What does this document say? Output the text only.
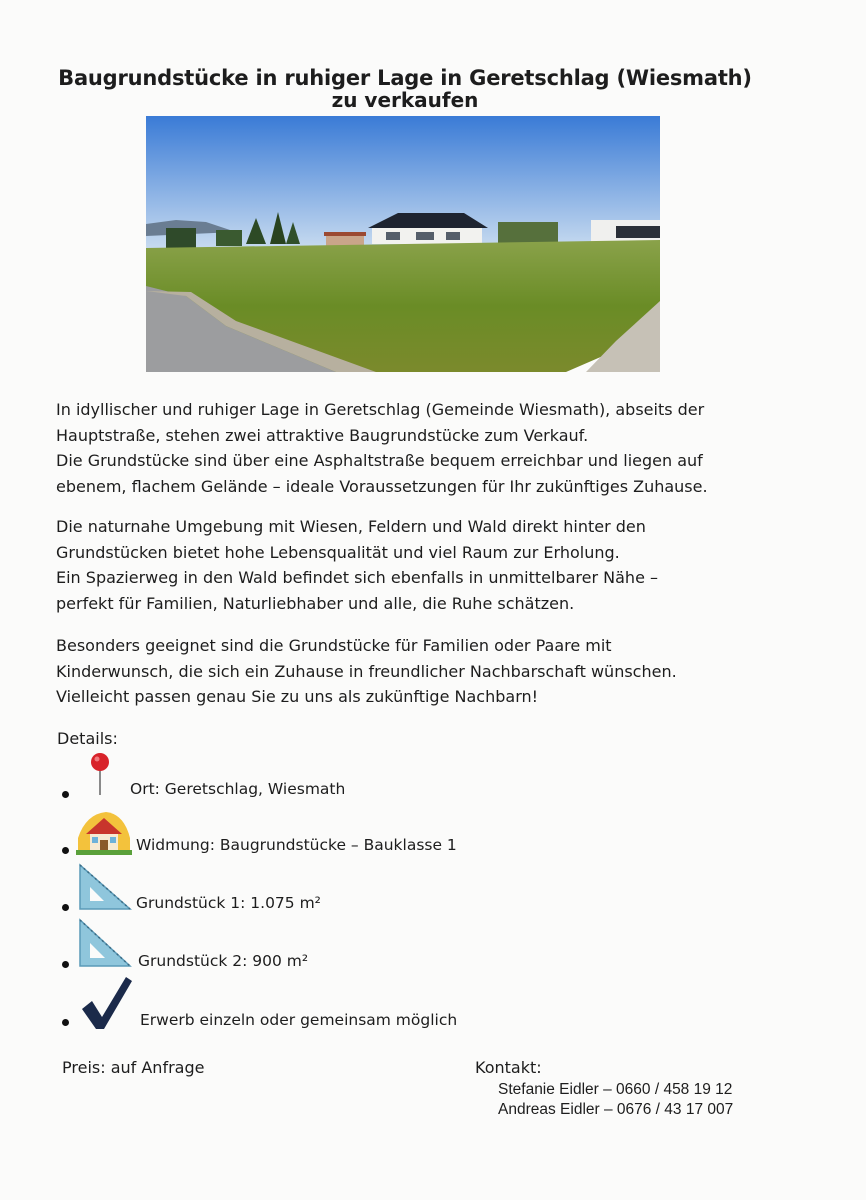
Baugrundstücke in ruhiger Lage in Geretschlag (Wiesmath)
zu verkaufen
In idyllischer und ruhiger Lage in Geretschlag (Gemeinde Wiesmath), abseits der
Hauptstraße, stehen zwei attraktive Baugrundstücke zum Verkauf.
Die Grundstücke sind über eine Asphaltstraße bequem erreichbar und liegen auf
ebenem, flachem Gelände – ideale Voraussetzungen für Ihr zukünftiges Zuhause.
Die naturnahe Umgebung mit Wiesen, Feldern und Wald direkt hinter den
Grundstücken bietet hohe Lebensqualität und viel Raum zur Erholung.
Ein Spazierweg in den Wald befindet sich ebenfalls in unmittelbarer Nähe –
perfekt für Familien, Naturliebhaber und alle, die Ruhe schätzen.
Besonders geeignet sind die Grundstücke für Familien oder Paare mit
Kinderwunsch, die sich ein Zuhause in freundlicher Nachbarschaft wünschen.
Vielleicht passen genau Sie zu uns als zukünftige Nachbarn!
Details:
Ort: Geretschlag, Wiesmath
Widmung: Baugrundstücke – Bauklasse 1
Grundstück 1: 1.075 m²
Grundstück 2: 900 m²
Erwerb einzeln oder gemeinsam möglich
Preis: auf Anfrage	Kontakt:
Stefanie Eidler – 0660 / 458 19 12
Andreas Eidler – 0676 / 43 17 007
